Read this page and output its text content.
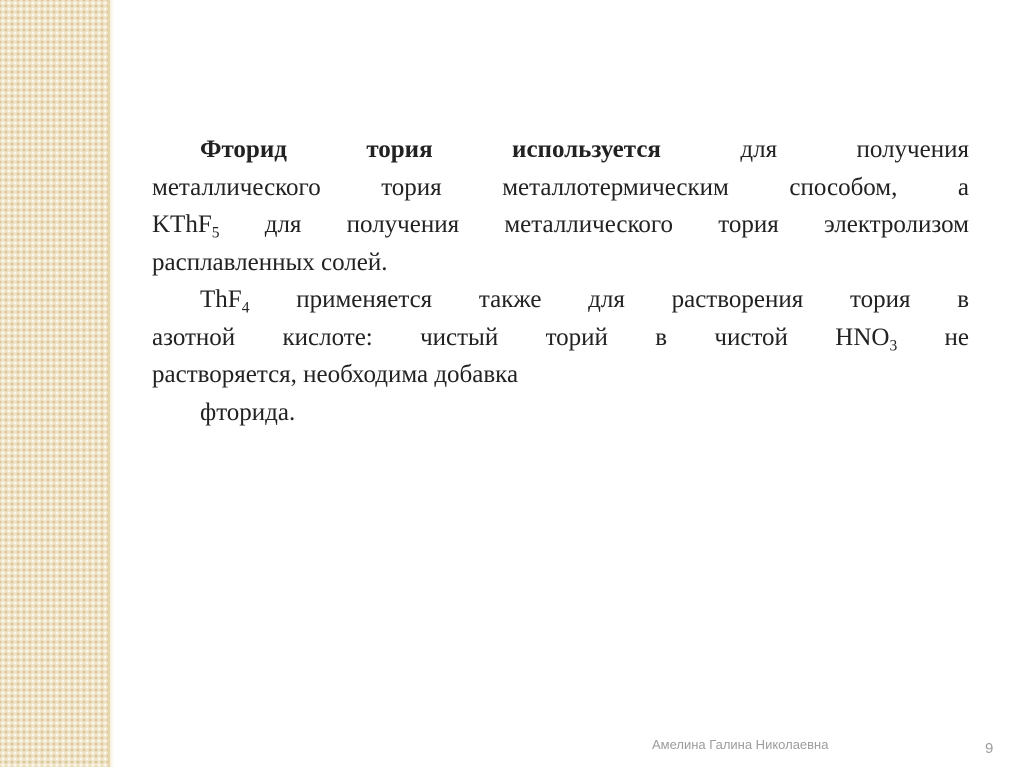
Фторид тория используется для получения
металлического тория металлотермическим способом, а
KThF$_5$ для получения металлического тория электролизом
расплавленных солей.
ThF$_4$ применяется также для растворения тория в
азотной кислоте: чистый торий в чистой $HNO_3$ не
растворяется, необходима добавка
фторида.
Амелина Галина Николаевна	9
